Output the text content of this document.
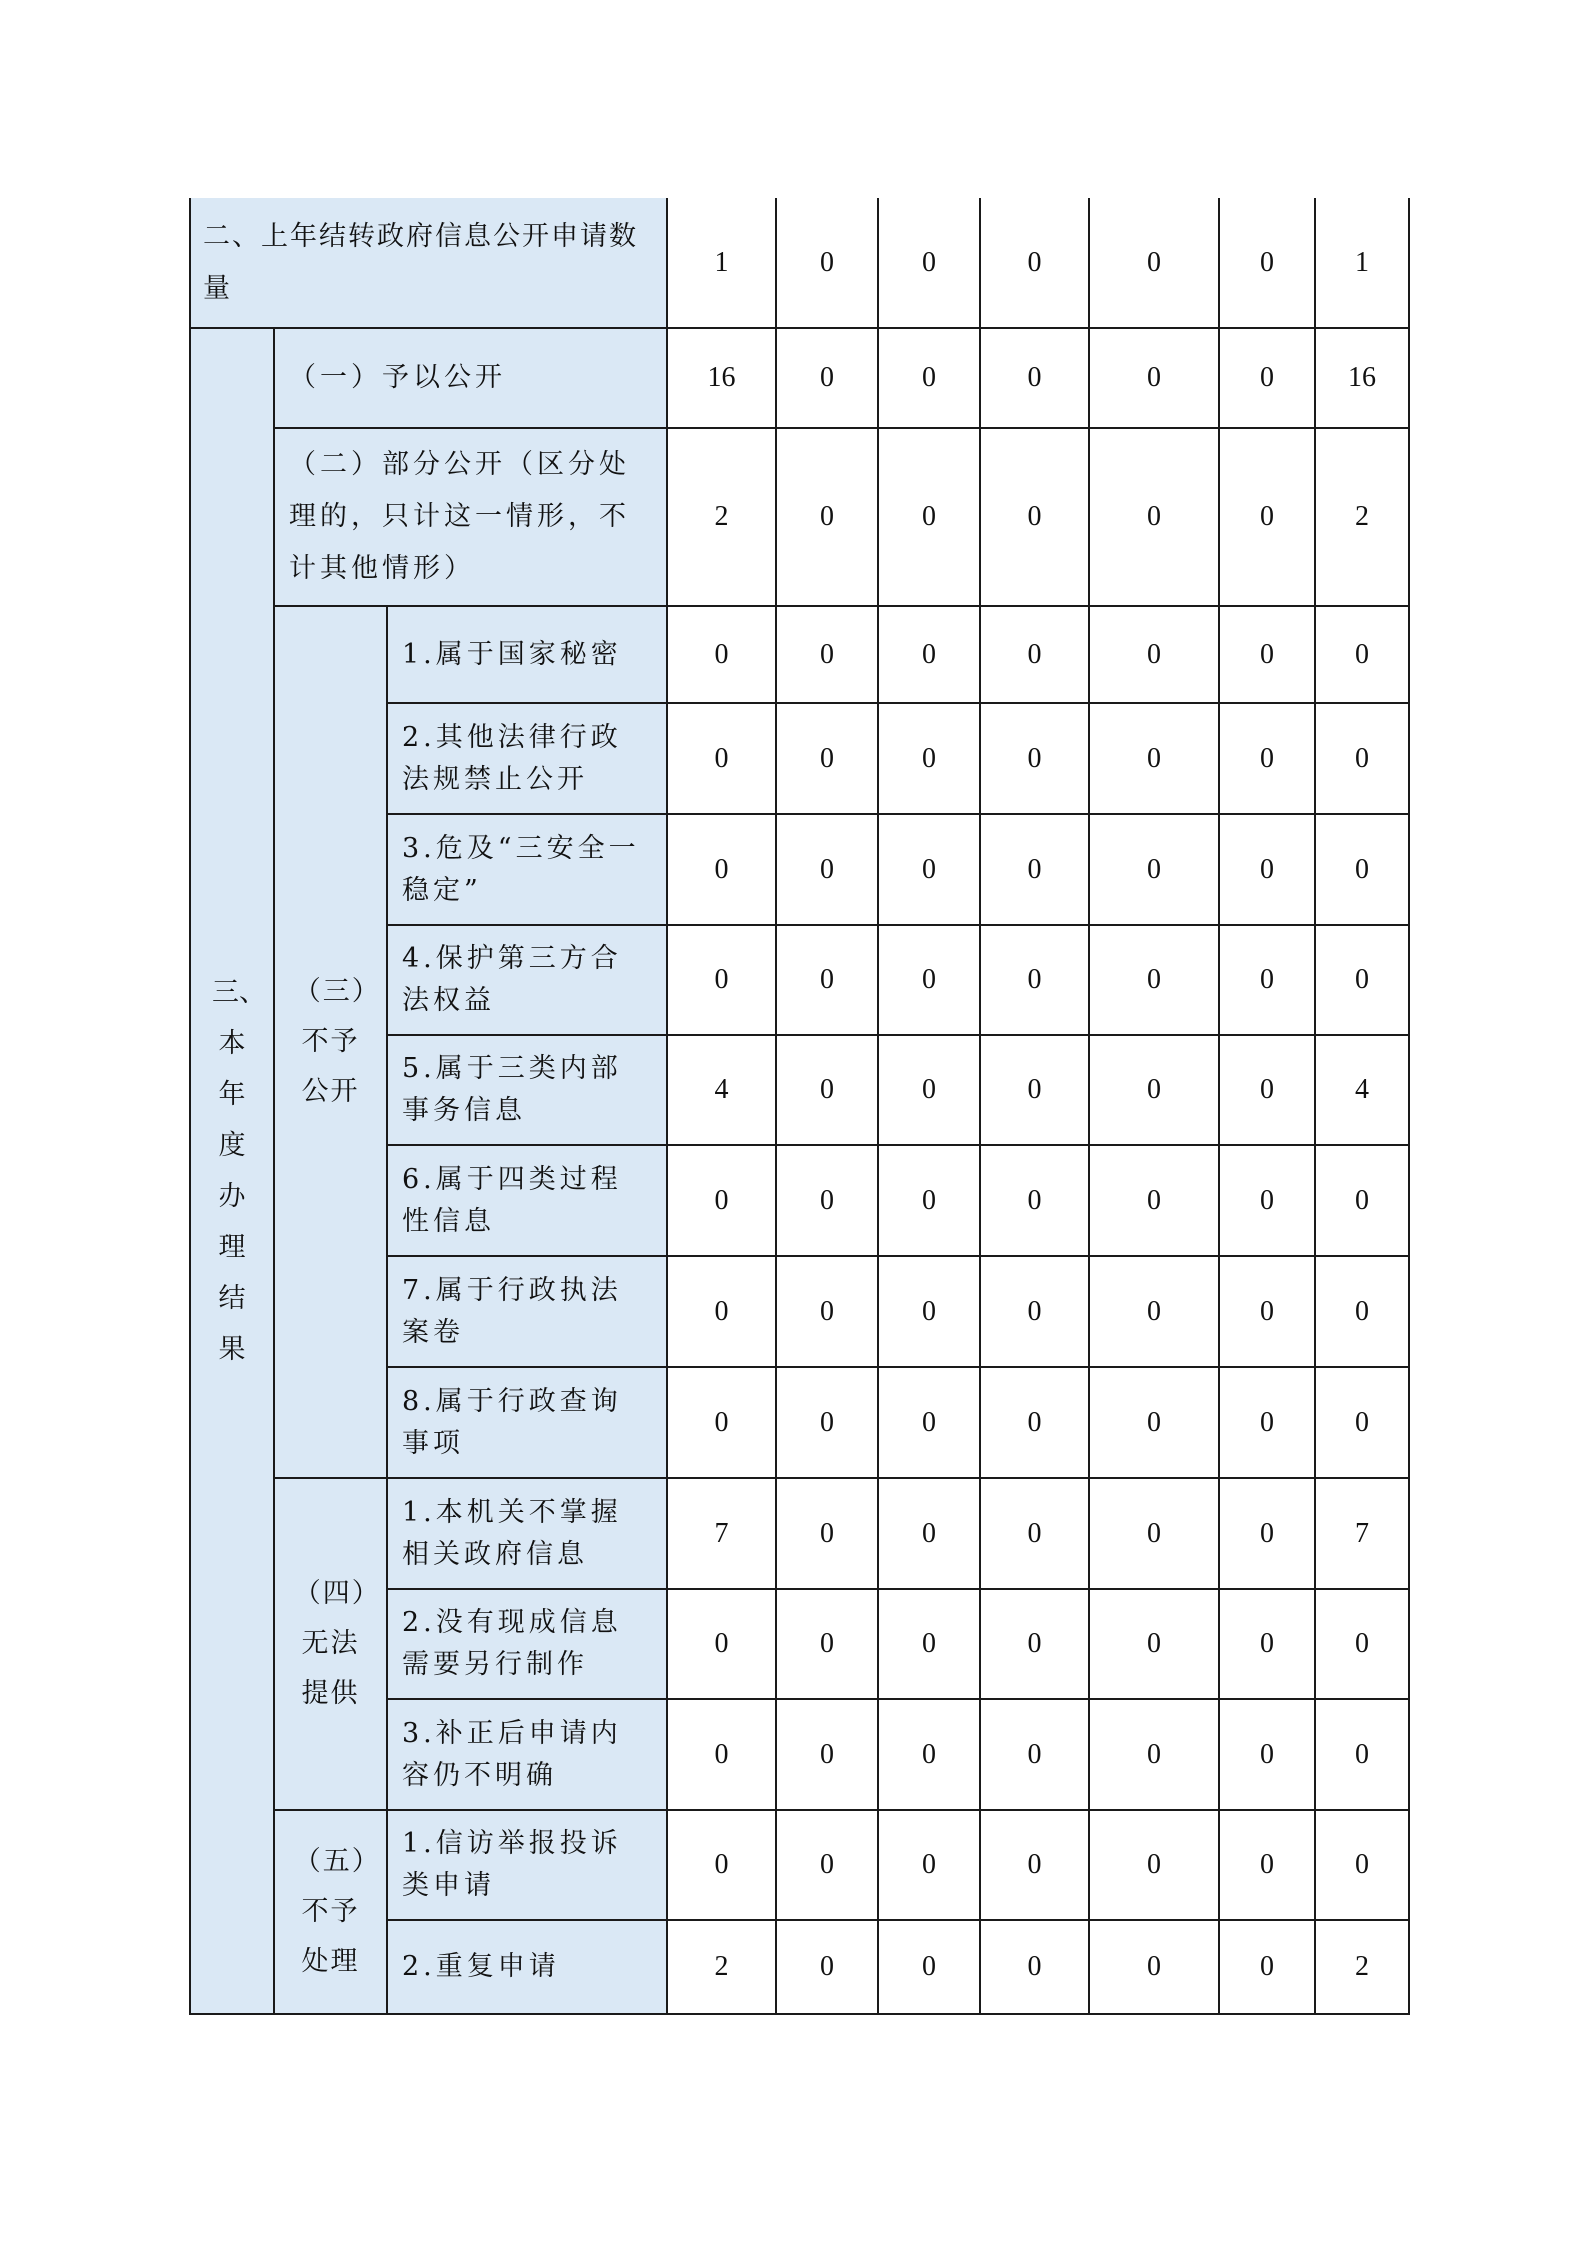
二、上年结转政府信息公开申请数量			1	0	0	0	0	0	1

三、本年度办理结果	（一）予以公开		16	0	0	0	0	0	16

	（二）部分公开（区分处理的，只计这一情形，不计其他情形）		2	0	0	0	0	0	2

	（三）不予公开	1.属于国家秘密	0	0	0	0	0	0	0

		2.其他法律行政法规禁止公开	0	0	0	0	0	0	0

		3.危及“三安全一稳定”	0	0	0	0	0	0	0

		4.保护第三方合法权益	0	0	0	0	0	0	0

		5.属于三类内部事务信息	4	0	0	0	0	0	4

		6.属于四类过程性信息	0	0	0	0	0	0	0

		7.属于行政执法案卷	0	0	0	0	0	0	0

		8.属于行政查询事项	0	0	0	0	0	0	0

	（四）无法提供	1.本机关不掌握相关政府信息	7	0	0	0	0	0	7

		2.没有现成信息需要另行制作	0	0	0	0	0	0	0

		3.补正后申请内容仍不明确	0	0	0	0	0	0	0

	（五）不予处理	1.信访举报投诉类申请	0	0	0	0	0	0	0

		2.重复申请	2	0	0	0	0	0	2
